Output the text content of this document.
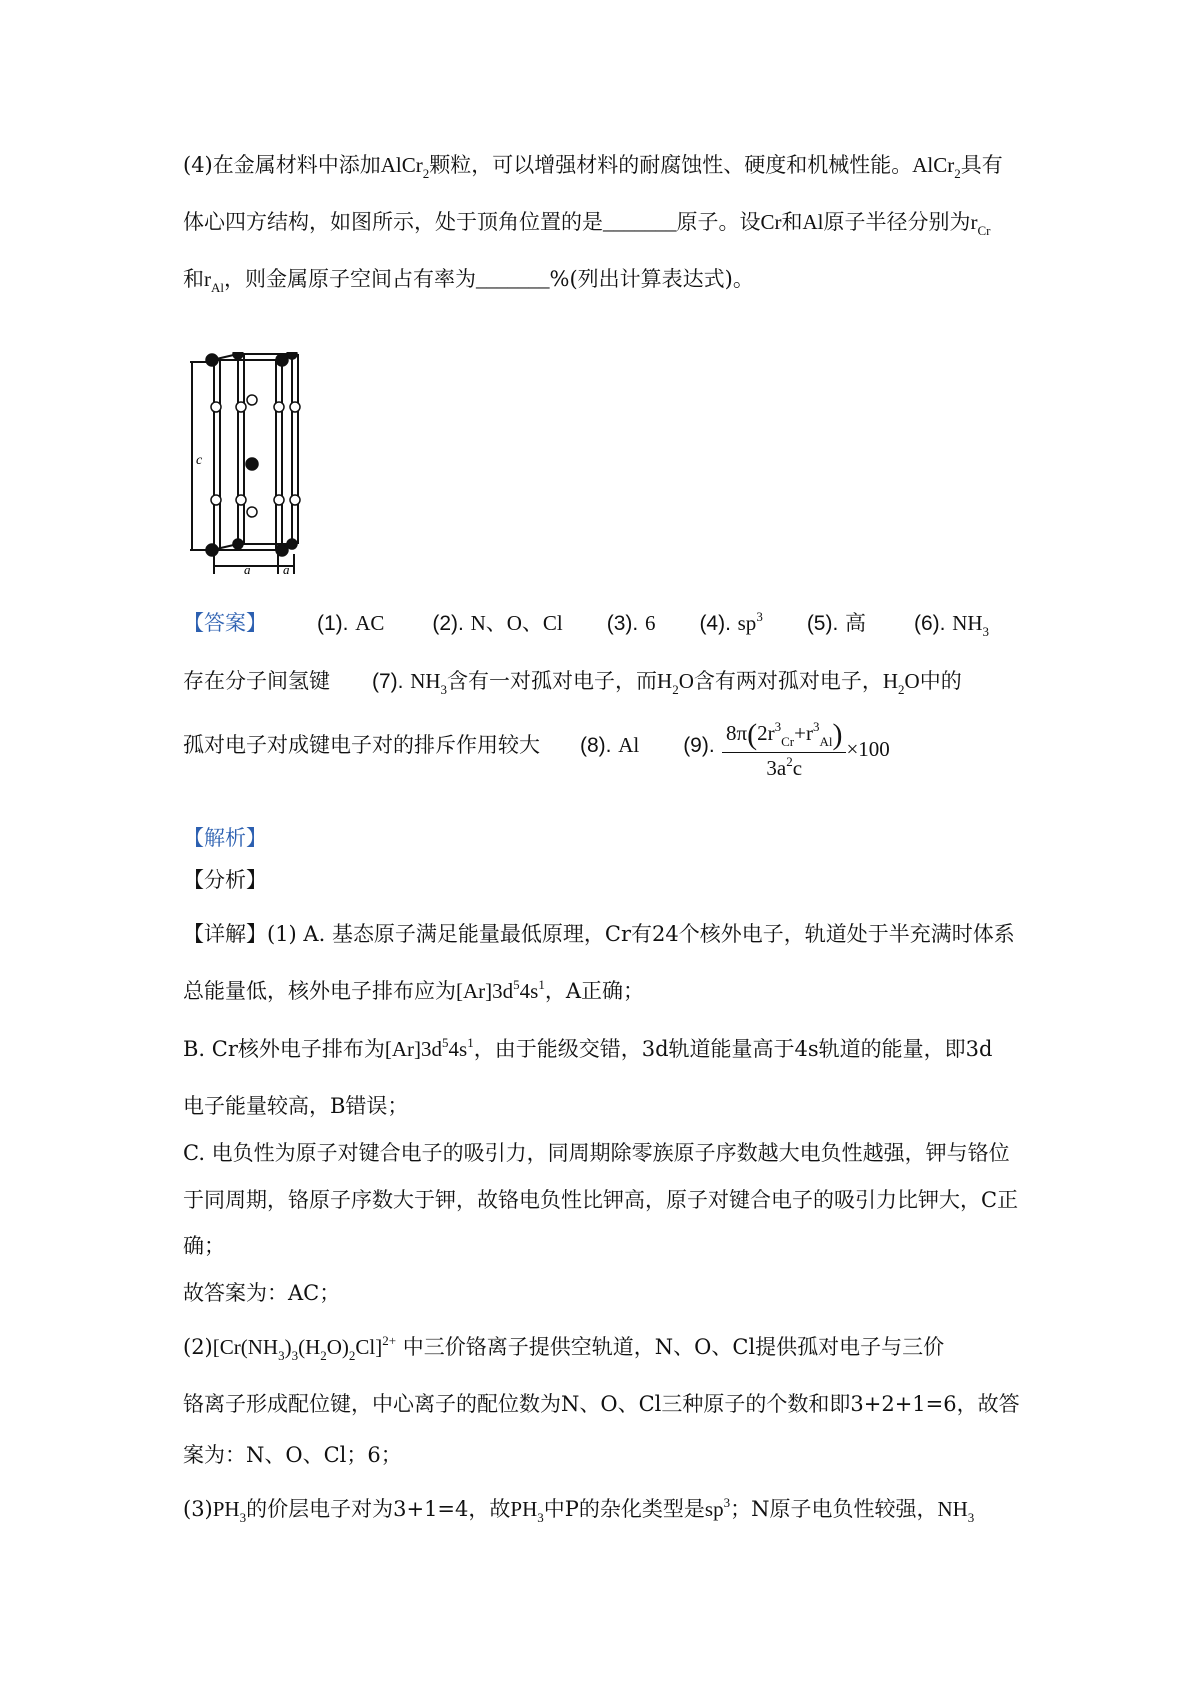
(4)在金属材料中添加AlCr$_2$颗粒，可以增强材料的耐腐蚀性、硬度和机械性能。AlCr$_2$具有
体心四方结构，如图所示，处于顶角位置的是_______原子。设Cr和Al原子半径分别为$r_{Cr}$
和$r_{Al}$，则金属原子空间占有率为_______%(列出计算表达式)。
c
a	a
【答案】 (1). AC (2). N、O、Cl (3). 6 (4). $sp^3$ (5). 高 (6). $NH_3$
存在分子间氢键 (7). $NH_3$含有一对孤对电子，而$H_2O$含有两对孤对电子，$H_2O$中的
孤对电子对成键电子对的排斥作用较大 (8). Al (9). $\frac{8\pi(2r^3_{Cr}+r^3_{Al})}{3a^2c} \times 100$
【解析】
【分析】
【详解】(1) A. 基态原子满足能量最低原理，Cr有24个核外电子，轨道处于半充满时体系
总能量低，核外电子排布应为$[Ar]3d^54s^1$，A正确；
B. Cr核外电子排布为$[Ar]3d^54s^1$，由于能级交错，3d轨道能量高于4s轨道的能量，即3d
电子能量较高，B错误；
C. 电负性为原子对键合电子的吸引力，同周期除零族原子序数越大电负性越强，钾与铬位
于同周期，铬原子序数大于钾，故铬电负性比钾高，原子对键合电子的吸引力比钾大，C正
确；
故答案为：AC；
$(2)[Cr(NH_3)_3(H_2O)_2Cl]^{2+}$ 中三价铬离子提供空轨道，N、O、Cl提供孤对电子与三价
铬离子形成配位键，中心离子的配位数为N、O、Cl三种原子的个数和即3+2+1=6，故答
案为：N、O、Cl；6；
$(3)PH_3$的价层电子对为3+1=4，故$PH_3$中P的杂化类型是$sp^3$；N原子电负性较强，$NH_3$
